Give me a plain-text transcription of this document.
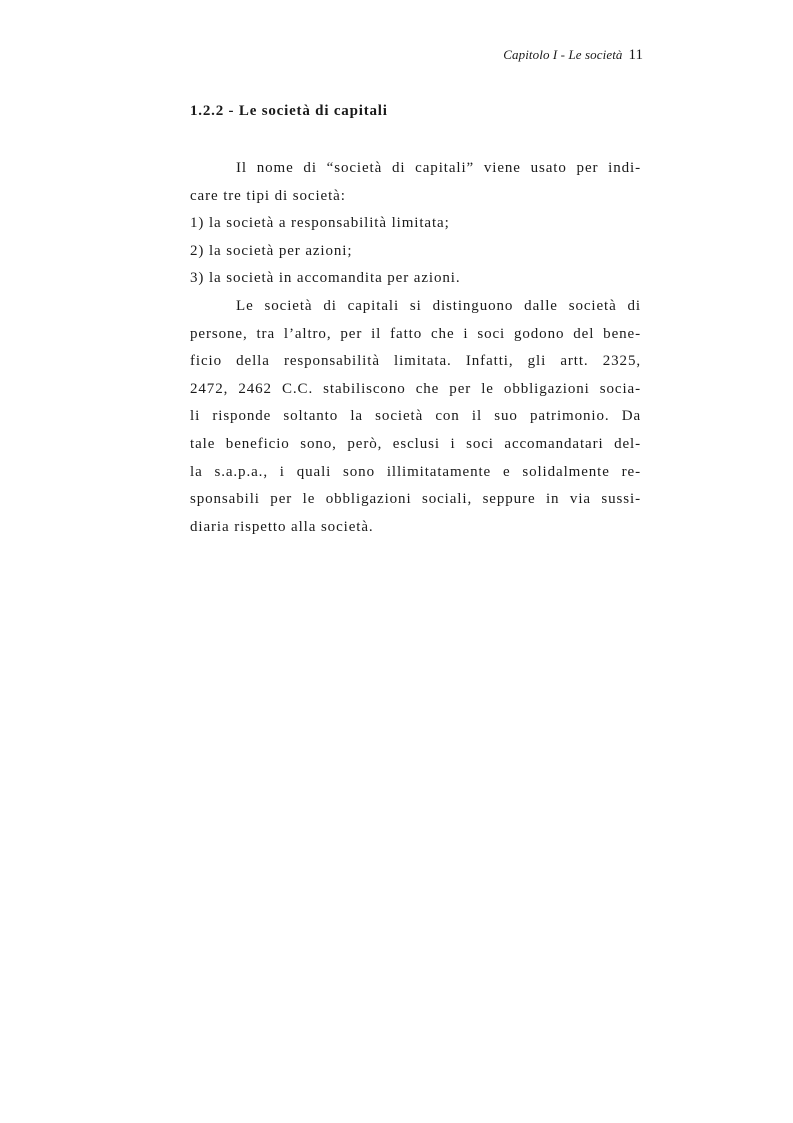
Capitolo I - Le società 11
1.2.2 - Le società di capitali
Il nome di “società di capitali” viene usato per indi-
care tre tipi di società:
1) la società a responsabilità limitata;
2) la società per azioni;
3) la società in accomandita per azioni.
Le società di capitali si distinguono dalle società di
persone, tra l’altro, per il fatto che i soci godono del bene-
ficio della responsabilità limitata. Infatti, gli artt. 2325,
2472, 2462 C.C. stabiliscono che per le obbligazioni socia-
li risponde soltanto la società con il suo patrimonio. Da
tale beneficio sono, però, esclusi i soci accomandatari del-
la s.a.p.a., i quali sono illimitatamente e solidalmente re-
sponsabili per le obbligazioni sociali, seppure in via sussi-
diaria rispetto alla società.
